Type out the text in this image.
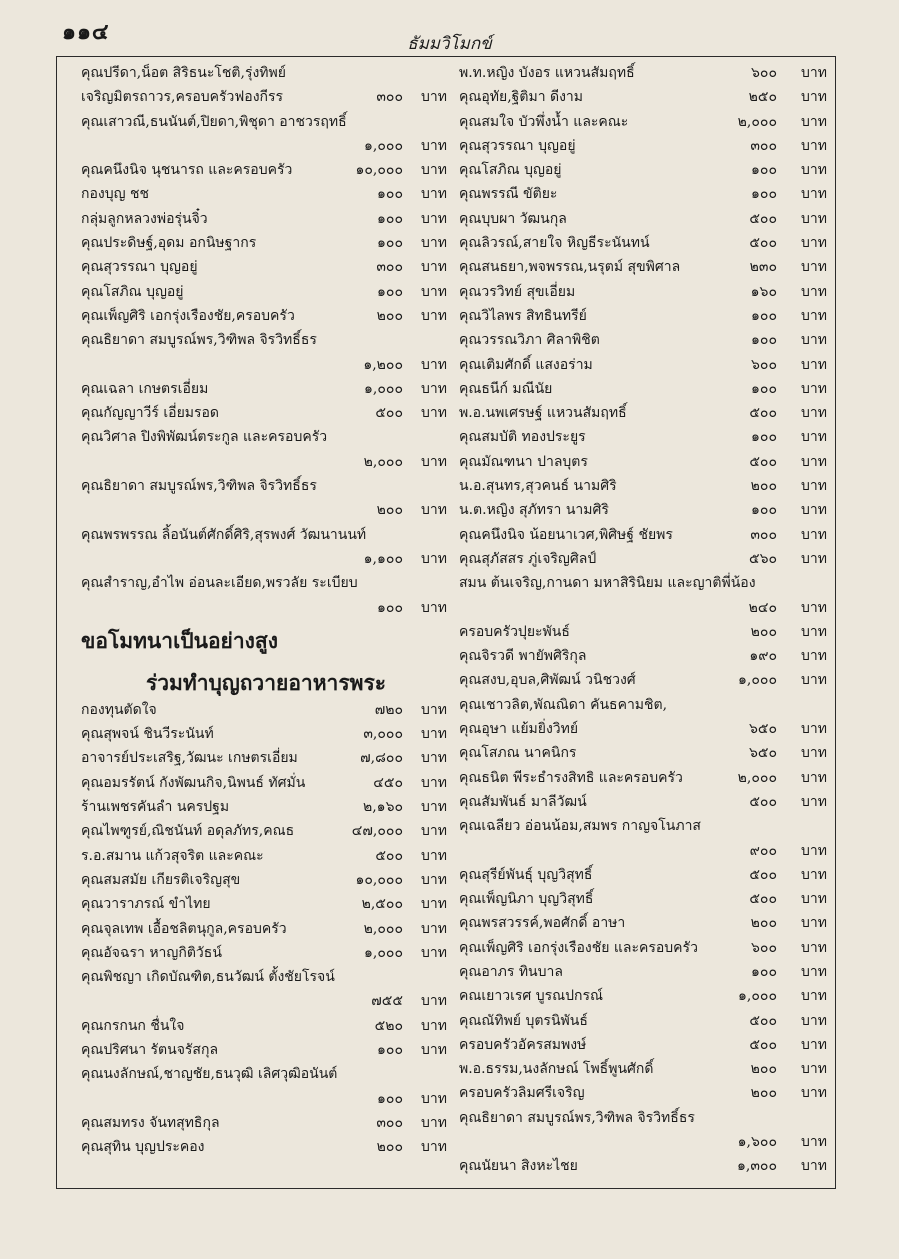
๑๑๔	ธัมมวิโมกข์
คุณปรีดา,น็อต สิริธนะโชติ,รุ่งทิพย์
เจริญมิตรถาวร,ครอบครัวฟองกีรร	๓๐๐ บาท
คุณเสาวณี,ธนนันต์,ปิยดา,พิชุดา อาชวรฤทธิ์
๑,๐๐๐ บาท
คุณคนึงนิจ นุชนารถ และครอบครัว	๑๐,๐๐๐ บาท
กองบุญ ชช	๑๐๐ บาท
กลุ่มลูกหลวงพ่อรุ่นจิ๋ว	๑๐๐ บาท
คุณประดิษฐ์,อุดม อกนิษฐากร	๑๐๐ บาท
คุณสุวรรณา บุญอยู่	๓๐๐ บาท
คุณโสภิณ บุญอยู่	๑๐๐ บาท
คุณเพ็ญศิริ เอกรุ่งเรืองชัย,ครอบครัว	๒๐๐ บาท
คุณธิยาดา สมบูรณ์พร,วิฑิพล จิรวิทธิ์ธร
๑,๒๐๐ บาท
คุณเฉลา เกษตรเอี่ยม	๑,๐๐๐ บาท
คุณกัญญาวีร์ เอี่ยมรอด	๕๐๐ บาท
คุณวิศาล ปิงพิพัฒน์ตระกูล และครอบครัว
๒,๐๐๐ บาท
คุณธิยาดา สมบูรณ์พร,วิฑิพล จิรวิทธิ์ธร
๒๐๐ บาท
คุณพรพรรณ ลิ้อนันต์ศักดิ์ศิริ,สุรพงศ์ วัฒนานนท์
๑,๑๐๐ บาท
คุณสำราญ,อำไพ อ่อนละเอียด,พรวลัย ระเบียบ
๑๐๐ บาท
ขอโมทนาเป็นอย่างสูง
ร่วมทำบุญถวายอาหารพระ
กองทุนตัดใจ	๗๒๐ บาท
คุณสุพจน์ ชินวีระนันท์	๓,๐๐๐ บาท
อาจารย์ประเสริฐ,วัฒนะ เกษตรเอี่ยม	๗,๘๐๐ บาท
คุณอมรรัตน์ กังพัฒนกิจ,นิพนธ์ ทัศมั่น	๔๕๐ บาท
ร้านเพชรคันลำ นครปฐม	๒,๑๖๐ บาท
คุณไพฑูรย์,ณิชนันท์ อดุลภัทร,คณธ	๔๗,๐๐๐ บาท
ร.อ.สมาน แก้วสุจริต และคณะ	๕๐๐ บาท
คุณสมสมัย เกียรติเจริญสุข	๑๐,๐๐๐ บาท
คุณวาราภรณ์ ขำไทย	๒,๕๐๐ บาท
คุณจุลเทพ เอื้อชลิตนุกูล,ครอบครัว	๒,๐๐๐ บาท
คุณอัจฉรา หาญกิติวัธน์	๑,๐๐๐ บาท
คุณพิชญา เกิดบัณฑิต,ธนวัฒน์ ตั้งชัยโรจน์
๗๕๕ บาท
คุณกรกนก ชื่นใจ	๕๒๐ บาท
คุณปริศนา รัตนจรัสกุล	๑๐๐ บาท
คุณนงลักษณ์,ชาญชัย,ธนวุฒิ เลิศวุฒิอนันต์
๑๐๐ บาท
คุณสมทรง จันทสุทธิกุล	๓๐๐ บาท
คุณสุทิน บุญประคอง	๒๐๐ บาท
พ.ท.หญิง บังอร แหวนสัมฤทธิ์	๖๐๐ บาท
คุณอุทัย,ฐิติมา ดีงาม	๒๕๐ บาท
คุณสมใจ บัวพึ่งน้ำ และคณะ	๒,๐๐๐ บาท
คุณสุวรรณา บุญอยู่	๓๐๐ บาท
คุณโสภิณ บุญอยู่	๑๐๐ บาท
คุณพรรณี ขัติยะ	๑๐๐ บาท
คุณบุบผา วัฒนกุล	๕๐๐ บาท
คุณลิวรณ์,สายใจ หิญธีระนันทน์	๕๐๐ บาท
คุณสนธยา,พจพรรณ,นรุตม์ สุขพิศาล	๒๓๐ บาท
คุณวรวิทย์ สุขเอี่ยม	๑๖๐ บาท
คุณวิไลพร สิทธินทรีย์	๑๐๐ บาท
คุณวรรณวิภา ศิลาพิชิต	๑๐๐ บาท
คุณเติมศักดิ์ แสงอร่าม	๖๐๐ บาท
คุณธนีก์ มณีนัย	๑๐๐ บาท
พ.อ.นพเศรษฐ์ แหวนสัมฤทธิ์	๕๐๐ บาท
คุณสมบัติ ทองประยูร	๑๐๐ บาท
คุณมัณฑนา ปาลบุตร	๕๐๐ บาท
น.อ.สุนทร,สุวคนธ์ นามศิริ	๒๐๐ บาท
น.ต.หญิง สุภัทรา นามศิริ	๑๐๐ บาท
คุณคนึงนิจ น้อยนาเวศ,พิศิษฐ์ ชัยพร	๓๐๐ บาท
คุณสุภัสสร ภู่เจริญศิลป์	๕๖๐ บาท
สมน ต้นเจริญ,กานดา มหาสิรินิยม และญาติพี่น้อง
๒๔๐ บาท
ครอบครัวปุยะพันธ์	๒๐๐ บาท
คุณจิรวดี พายัพศิริกุล	๑๙๐ บาท
คุณสงบ,อุบล,ศิพัฒน์ วนิชวงศ์	๑,๐๐๐ บาท
คุณเชาวลิต,พัณณิดา คันธคามชิต,
คุณอุษา แย้มยิ่งวิทย์	๖๕๐ บาท
คุณโสภณ นาคนิกร	๖๕๐ บาท
คุณธนิต พีระธำรงสิทธิ และครอบครัว	๒,๐๐๐ บาท
คุณสัมพันธ์ มาลีวัฒน์	๕๐๐ บาท
คุณเฉลียว อ่อนน้อม,สมพร กาญจโนภาส
๙๐๐ บาท
คุณสุรีย์พันธุ์ บุญวิสุทธิ์	๕๐๐ บาท
คุณเพ็ญนิภา บุญวิสุทธิ์	๕๐๐ บาท
คุณพรสวรรค์,พอศักดิ์ อาษา	๒๐๐ บาท
คุณเพ็ญศิริ เอกรุ่งเรืองชัย และครอบครัว	๖๐๐ บาท
คุณอาภร ทินบาล	๑๐๐ บาท
คณเยาวเรศ บูรณปกรณ์	๑,๐๐๐ บาท
คุณณัทิพย์ บุตรนิพันธ์	๕๐๐ บาท
ครอบครัวอัครสมพงษ์	๕๐๐ บาท
พ.อ.ธรรม,นงลักษณ์ โพธิ์พูนศักดิ์	๒๐๐ บาท
ครอบครัวลิมศรีเจริญ	๒๐๐ บาท
คุณธิยาดา สมบูรณ์พร,วิฑิพล จิรวิทธิ์ธร
๑,๖๐๐ บาท
คุณนัยนา สิงหะไชย	๑,๓๐๐ บาท
